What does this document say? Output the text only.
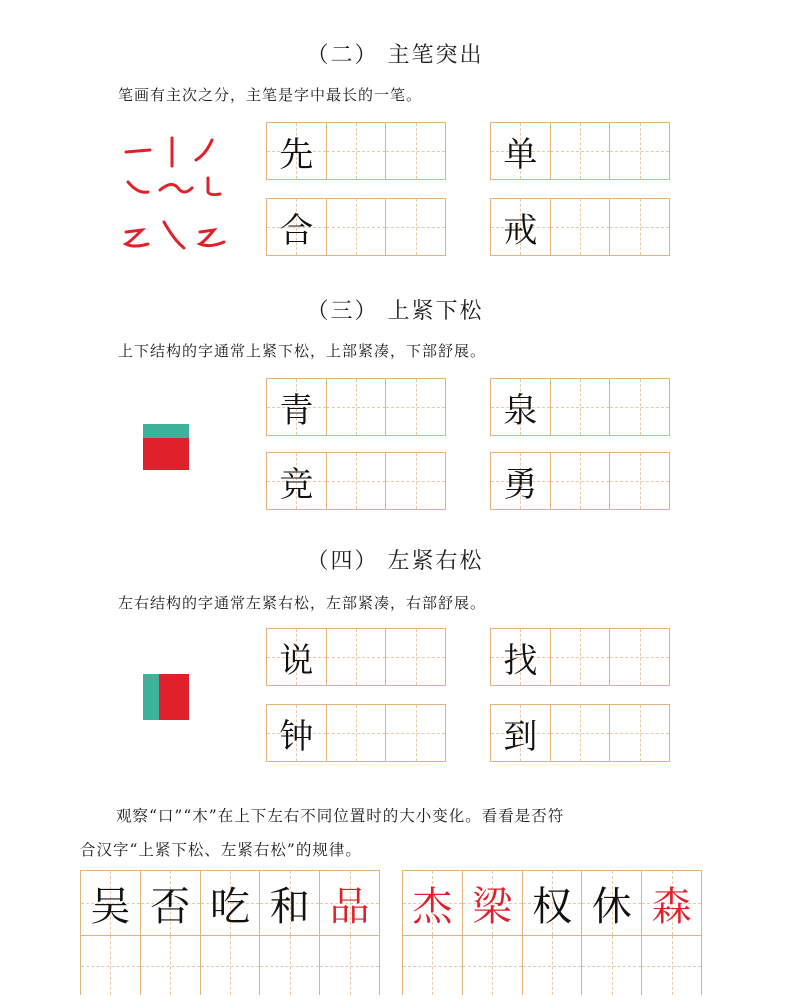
（二） 主笔突出
笔画有主次之分，主笔是字中最长的一笔。
先	单
合	戒
（三） 上紧下松
上下结构的字通常上紧下松，上部紧凑，下部舒展。
青	泉
竞	勇
（四） 左紧右松
左右结构的字通常左紧右松，左部紧凑，右部舒展。
说	找
钟	到
观察“口”“木”在上下左右不同位置时的大小变化。看看是否符
合汉字“上紧下松、左紧右松”的规律。
吴 否 吃 和 品 杰 梁 权 休 森
